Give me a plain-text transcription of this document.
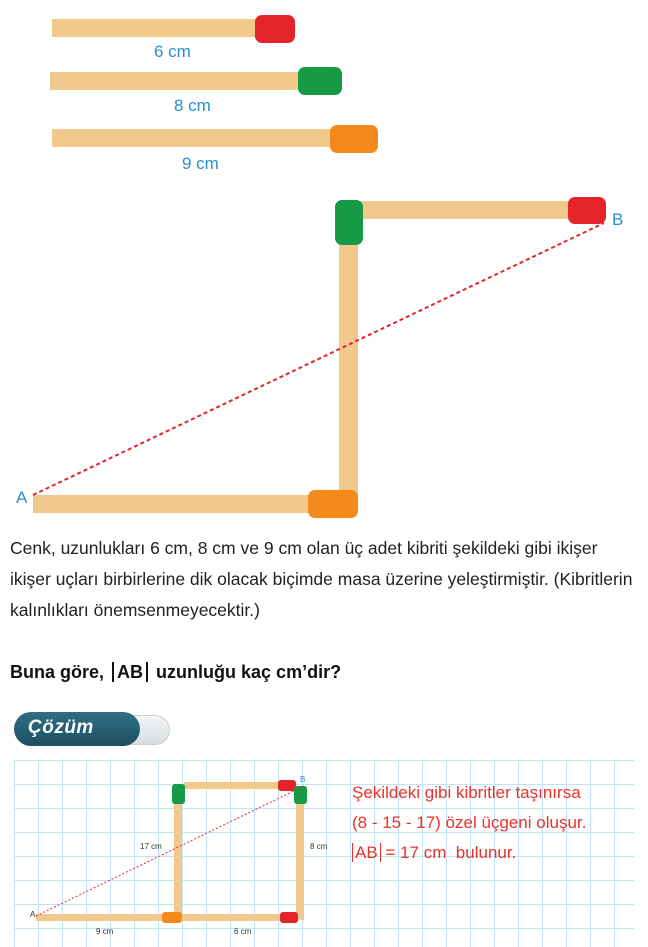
6 cm
8 cm
9 cm
A
B
Cenk, uzunlukları 6 cm, 8 cm ve 9 cm olan üç adet kibriti şekildeki gibi ikişer ikişer uçları birbirlerine dik olacak biçimde masa üzerine yeleştirmiştir. (Kibritlerin kalınlıkları önemsenmeyecektir.)
Buna göre, AB uzunluğu kaç cm’dir?
Çözüm
17 cm	8 cm
9 cm	6 cm
A
B
Şekildeki gibi kibritler taşınırsa
(8 - 15 - 17) özel üçgeni oluşur.
AB = 17 cm  bulunur.
